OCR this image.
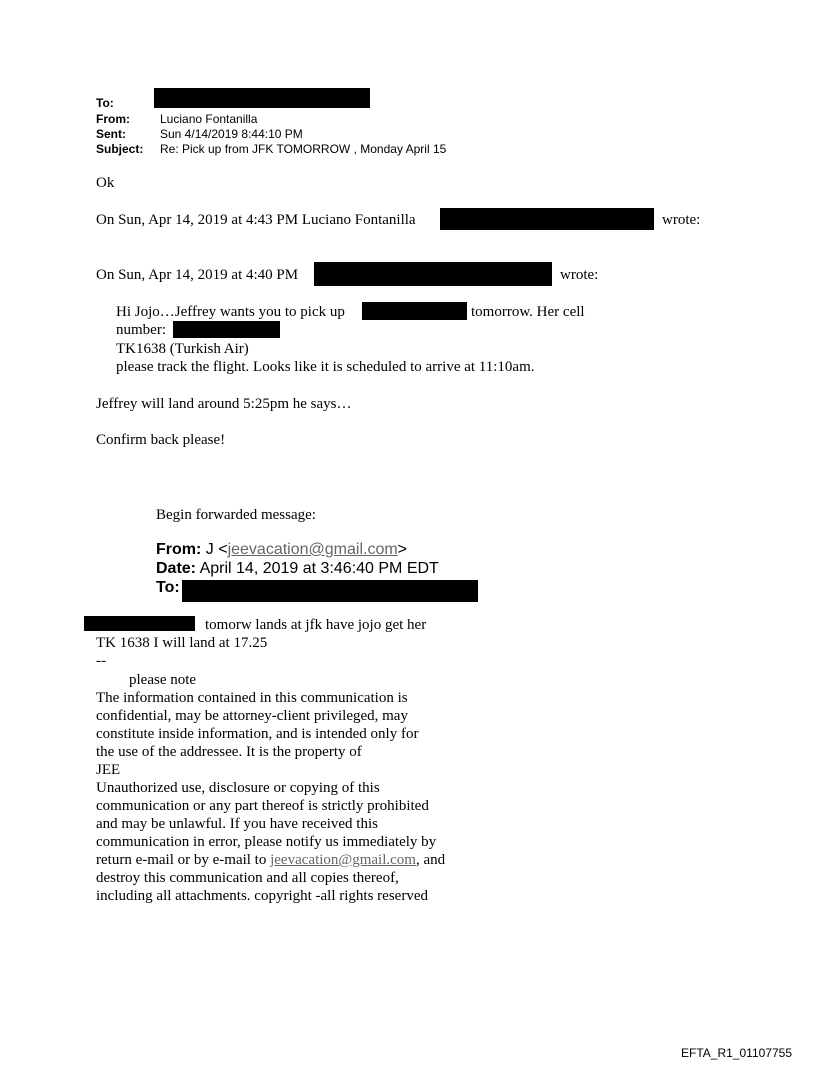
To:
From:	Luciano Fontanilla
Sent:	Sun 4/14/2019 8:44:10 PM
Subject: Re: Pick up from JFK TOMORROW , Monday April 15
Ok
On Sun, Apr 14, 2019 at 4:43 PM Luciano Fontanilla	wrote:
On Sun, Apr 14, 2019 at 4:40 PM	wrote:
Hi Jojo…Jeffrey wants you to pick up	tomorrow. Her cell
number:
TK1638 (Turkish Air)
please track the flight. Looks like it is scheduled to arrive at 11:10am.
Jeffrey will land around 5:25pm he says…
Confirm back please!
Begin forwarded message:
From: J <jeevacation@gmail.com>
Date: April 14, 2019 at 3:46:40 PM EDT
To:
tomorw lands at jfk have jojo get her
TK 1638 I will land at 17.25
--
please note
The information contained in this communication is
confidential, may be attorney-client privileged, may
constitute inside information, and is intended only for
the use of the addressee. It is the property of
JEE
Unauthorized use, disclosure or copying of this
communication or any part thereof is strictly prohibited
and may be unlawful. If you have received this
communication in error, please notify us immediately by
return e-mail or by e-mail to jeevacation@gmail.com, and
destroy this communication and all copies thereof,
including all attachments. copyright -all rights reserved
EFTA_R1_01107755
